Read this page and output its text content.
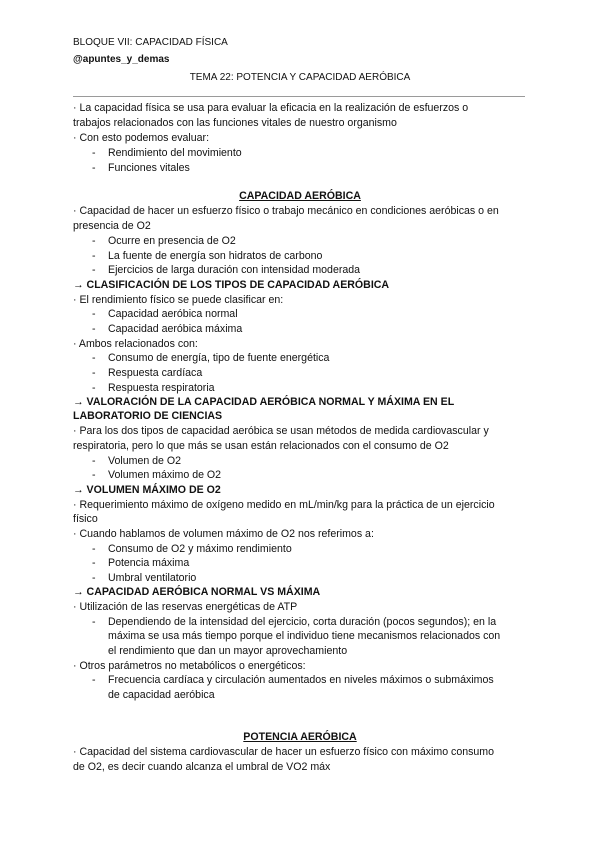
BLOQUE VII: CAPACIDAD FÍSICA
@apuntes_y_demas
TEMA 22: POTENCIA Y CAPACIDAD AERÓBICA
· La capacidad física se usa para evaluar la eficacia en la realización de esfuerzos o
trabajos relacionados con las funciones vitales de nuestro organismo
· Con esto podemos evaluar:
- Rendimiento del movimiento
- Funciones vitales
CAPACIDAD AERÓBICA
· Capacidad de hacer un esfuerzo físico o trabajo mecánico en condiciones aeróbicas o en
presencia de O2
- Ocurre en presencia de O2
- La fuente de energía son hidratos de carbono
- Ejercicios de larga duración con intensidad moderada
→ CLASIFICACIÓN DE LOS TIPOS DE CAPACIDAD AERÓBICA
· El rendimiento físico se puede clasificar en:
- Capacidad aeróbica normal
- Capacidad aeróbica máxima
· Ambos relacionados con:
- Consumo de energía, tipo de fuente energética
- Respuesta cardíaca
- Respuesta respiratoria
→ VALORACIÓN DE LA CAPACIDAD AERÓBICA NORMAL Y MÁXIMA EN EL
LABORATORIO DE CIENCIAS
· Para los dos tipos de capacidad aeróbica se usan métodos de medida cardiovascular y
respiratoria, pero lo que más se usan están relacionados con el consumo de O2
- Volumen de O2
- Volumen máximo de O2
→ VOLUMEN MÁXIMO DE O2
· Requerimiento máximo de oxígeno medido en mL/min/kg para la práctica de un ejercicio
físico
· Cuando hablamos de volumen máximo de O2 nos referimos a:
- Consumo de O2 y máximo rendimiento
- Potencia máxima
- Umbral ventilatorio
→ CAPACIDAD AERÓBICA NORMAL VS MÁXIMA
· Utilización de las reservas energéticas de ATP
- Dependiendo de la intensidad del ejercicio, corta duración (pocos segundos); en la
máxima se usa más tiempo porque el individuo tiene mecanismos relacionados con
el rendimiento que dan un mayor aprovechamiento
· Otros parámetros no metabólicos o energéticos:
- Frecuencia cardíaca y circulación aumentados en niveles máximos o submáximos
de capacidad aeróbica
POTENCIA AERÓBICA
· Capacidad del sistema cardiovascular de hacer un esfuerzo físico con máximo consumo
de O2, es decir cuando alcanza el umbral de VO2 máx
